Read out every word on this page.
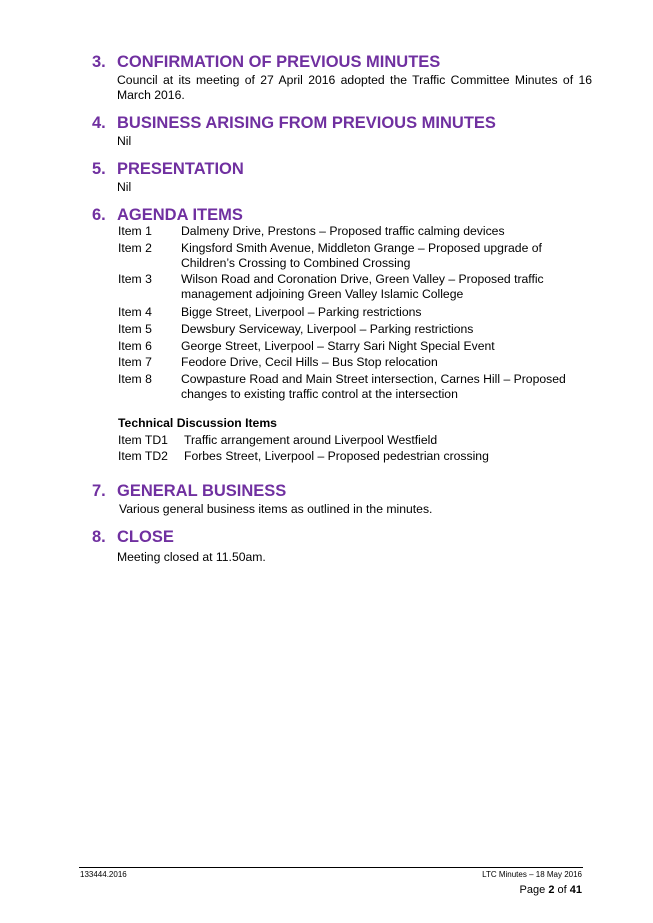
3. CONFIRMATION OF PREVIOUS MINUTES
Council at its meeting of 27 April 2016 adopted the Traffic Committee Minutes of 16 March 2016.
4. BUSINESS ARISING FROM PREVIOUS MINUTES
Nil
5. PRESENTATION
Nil
6. AGENDA ITEMS
Item 1	Dalmeny Drive, Prestons – Proposed traffic calming devices
Item 2	Kingsford Smith Avenue, Middleton Grange – Proposed upgrade of Children’s Crossing to Combined Crossing
Item 3	Wilson Road and Coronation Drive, Green Valley – Proposed traffic management adjoining Green Valley Islamic College
Item 4	Bigge Street, Liverpool – Parking restrictions
Item 5	Dewsbury Serviceway, Liverpool – Parking restrictions
Item 6	George Street, Liverpool – Starry Sari Night Special Event
Item 7	Feodore Drive, Cecil Hills – Bus Stop relocation
Item 8	Cowpasture Road and Main Street intersection, Carnes Hill – Proposed changes to existing traffic control at the intersection
Technical Discussion Items
Item TD1	Traffic arrangement around Liverpool Westfield
Item TD2	Forbes Street, Liverpool – Proposed pedestrian crossing
7. GENERAL BUSINESS
Various general business items as outlined in the minutes.
8. CLOSE
Meeting closed at 11.50am.
133444.2016	LTC Minutes – 18 May 2016
Page 2 of 41
